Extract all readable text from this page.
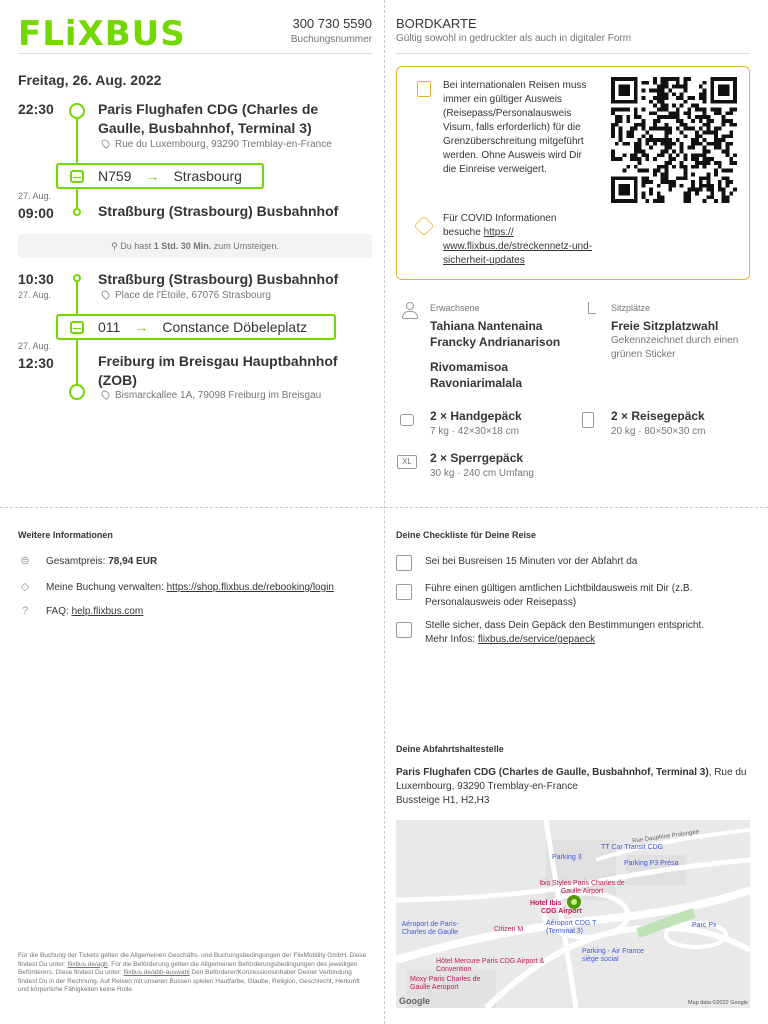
FLiXBUS	300 730 5590
Buchungsnummer
BORDKARTE
Gültig sowohl in gedruckter als auch in digitaler Form
Freitag, 26. Aug. 2022
22:30	Paris Flughafen CDG (Charles de Gaulle, Busbahnhof, Terminal 3)
Rue du Luxembourg, 93290 Tremblay-en-France
N759 → Strasbourg
27. Aug.
09:00	Straßburg (Strasbourg) Busbahnhof
⚲ Du hast 1 Std. 30 Min. zum Umsteigen.
10:30
27. Aug.
Straßburg (Strasbourg) Busbahnhof
Place de l'Étoile, 67076 Strasbourg
011 → Constance Döbeleplatz
27. Aug.
12:30	Freiburg im Breisgau Hauptbahnhof (ZOB)
Bismarckallee 1A, 79098 Freiburg im Breisgau
Bei internationalen Reisen muss immer ein gültiger Ausweis (Reisepass/Personalausweis Visum, falls erforderlich) für die Grenzüberschreitung mitgeführt werden. Ohne Ausweis wird Dir die Einreise verweigert.
Für COVID Informationen besuche https:// www.flixbus.de/streckennetz-und-sicherheit-updates
Erwachsene
Tahiana Nantenaina Francky Andrianarison
Rivomamisoa Ravoniarimalala
Sitzplätze
Freie Sitzplatzwahl
Gekennzeichnet durch einen grünen Sticker
2 × Handgepäck
7 kg · 42×30×18 cm
2 × Reisegepäck
20 kg · 80×50×30 cm
XL	2 × Sperrgepäck
30 kg · 240 cm Umfang
Weitere Informationen
⊜ Gesamtpreis: 78,94 EUR
◇ Meine Buchung verwalten: https://shop.flixbus.de/rebooking/login
? FAQ: help.flixbus.com
Deine Checkliste für Deine Reise
Sei bei Busreisen 15 Minuten vor der Abfahrt da
Führe einen gültigen amtlichen Lichtbildausweis mit Dir (z.B. Personalausweis oder Reisepass)
Stelle sicher, dass Dein Gepäck den Bestimmungen entspricht.
Mehr Infos: flixbus.de/service/gepaeck
Deine Abfahrtshaltestelle
Paris Flughafen CDG (Charles de Gaulle, Busbahnhof, Terminal 3), Rue du Luxembourg, 93290 Tremblay-en-France
Bussteige H1, H2,H3
Rue Dauphine Prolongée
TT Car Transit CDG
Parking 3
Parking P3 Présa
Ibis Styles Paris Charles de Gaulle Airport
Hotel Ibis
CDG Airport
Aéroport de Paris-Charles de Gaulle	Citizen M
Aéroport CDG T (Terminal 3)
Parc Px
Parking - Air France siège social
Hôtel Mercure Paris CDG Airport & Convention
Moxy Paris Charles de Gaulle Aeroport
Google	Map data ©2022 Google
Für die Buchung der Tickets gelten die Allgemeinen Geschäfts- und Buchungsbedingungen der FlixMobility GmbH. Diese findest Du unter: flixbus.de/agb. Für die Beförderung gelten die Allgemeinen Beförderungsbedingungen des jeweiligen Beförderers. Diese findest Du unter: flixbus.de/abb-auswahl Den Beförderer/Konzessionsinhaber Deiner Verbindung findest Du in der Rechnung. Auf Reisen mit unseren Bussen spielen Hautfarbe, Glaube, Religion, Geschlecht, Herkunft und körperliche Fähigkeiten keine Rolle.
